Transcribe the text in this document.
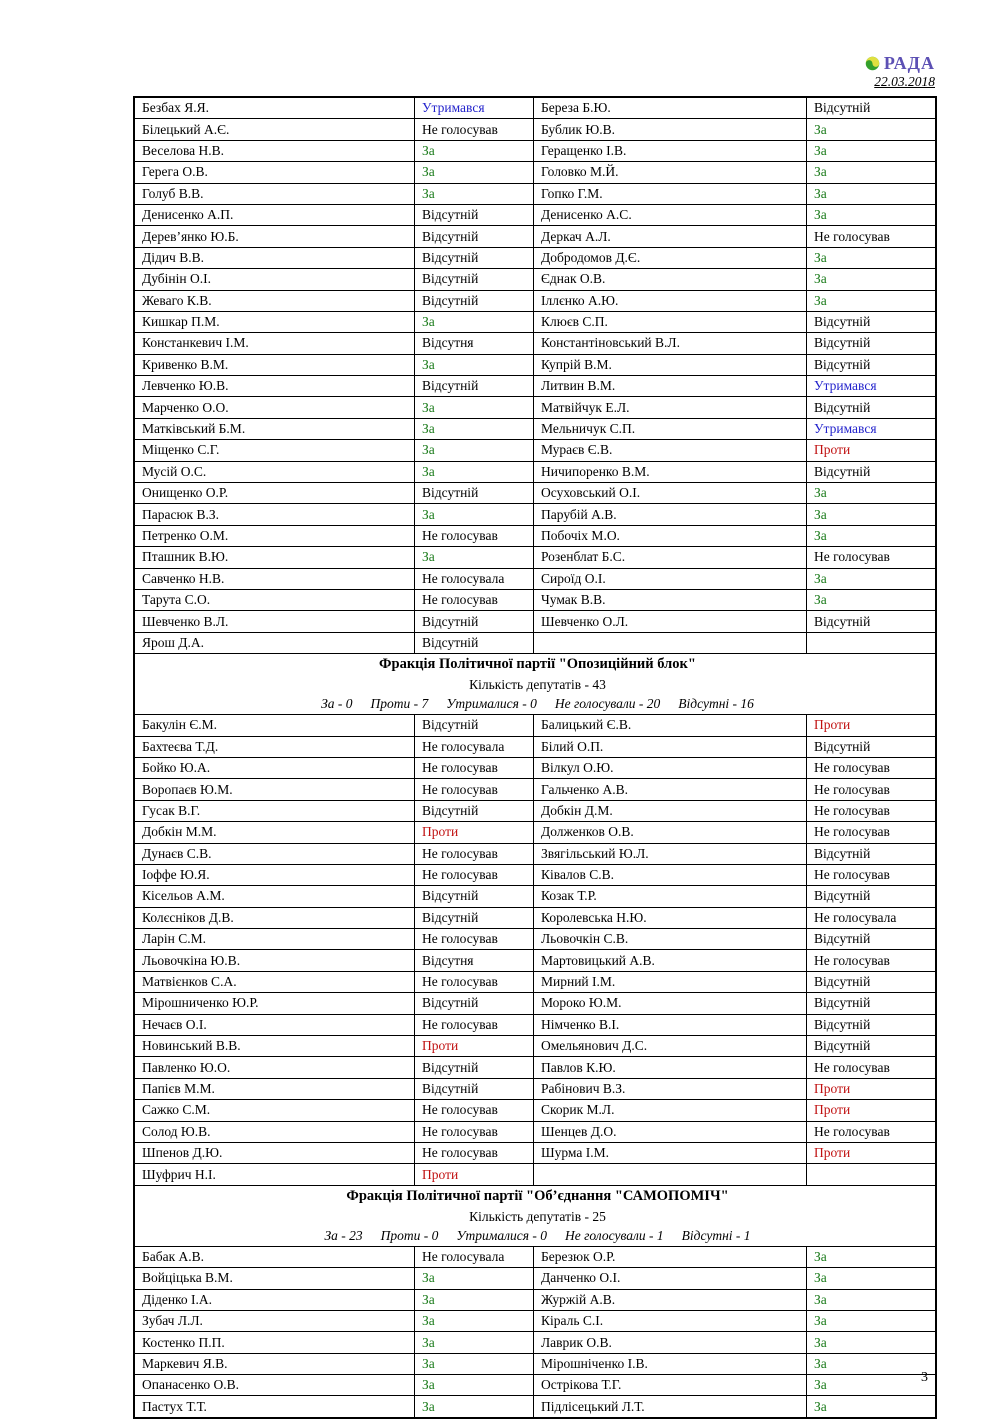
РАДА
22.03.2018
Безбах Я.Я.	Утримався	Береза Б.Ю.	Відсутній
Білецький А.Є.	Не голосував	Бублик Ю.В.	За
Веселова Н.В.	За	Геращенко І.В.	За
Герега О.В.	За	Головко М.Й.	За
Голуб В.В.	За	Гопко Г.М.	За
Денисенко А.П.	Відсутній	Денисенко А.С.	За
Дерев’янко Ю.Б.	Відсутній	Деркач А.Л.	Не голосував
Дідич В.В.	Відсутній	Добродомов Д.Є.	За
Дубінін О.І.	Відсутній	Єднак О.В.	За
Жеваго К.В.	Відсутній	Іллєнко А.Ю.	За
Кишкар П.М.	За	Клюєв С.П.	Відсутній
Констанкевич І.М.	Відсутня	Константіновський В.Л.	Відсутній
Кривенко В.М.	За	Купрій В.М.	Відсутній
Левченко Ю.В.	Відсутній	Литвин В.М.	Утримався
Марченко О.О.	За	Матвійчук Е.Л.	Відсутній
Матківський Б.М.	За	Мельничук С.П.	Утримався
Міщенко С.Г.	За	Мураєв Є.В.	Проти
Мусій О.С.	За	Ничипоренко В.М.	Відсутній
Онищенко О.Р.	Відсутній	Осуховський О.І.	За
Парасюк В.З.	За	Парубій А.В.	За
Петренко О.М.	Не голосував	Побочіх М.О.	За
Пташник В.Ю.	За	Розенблат Б.С.	Не голосував
Савченко Н.В.	Не голосувала	Сироїд О.І.	За
Тарута С.О.	Не голосував	Чумак В.В.	За
Шевченко В.Л.	Відсутній	Шевченко О.Л.	Відсутній
Ярош Д.А.	Відсутній		

Фракція Політичної партії "Опозиційний блок"
Кількість депутатів - 43
За - 0 Проти - 7 Утрималися - 0 Не голосували - 20 Відсутні - 16			

Бакулін Є.М.	Відсутній	Балицький Є.В.	Проти
Бахтеєва Т.Д.	Не голосувала	Білий О.П.	Відсутній
Бойко Ю.А.	Не голосував	Вілкул О.Ю.	Не голосував
Воропаєв Ю.М.	Не голосував	Гальченко А.В.	Не голосував
Гусак В.Г.	Відсутній	Добкін Д.М.	Не голосував
Добкін М.М.	Проти	Долженков О.В.	Не голосував
Дунаєв С.В.	Не голосував	Звягільський Ю.Л.	Відсутній
Іоффе Ю.Я.	Не голосував	Ківалов С.В.	Не голосував
Кісельов А.М.	Відсутній	Козак Т.Р.	Відсутній
Колєсніков Д.В.	Відсутній	Королевська Н.Ю.	Не голосувала
Ларін С.М.	Не голосував	Льовочкін С.В.	Відсутній
Льовочкіна Ю.В.	Відсутня	Мартовицький А.В.	Не голосував
Матвієнков С.А.	Не голосував	Мирний І.М.	Відсутній
Мірошниченко Ю.Р.	Відсутній	Мороко Ю.М.	Відсутній
Нечаєв О.І.	Не голосував	Німченко В.І.	Відсутній
Новинський В.В.	Проти	Омельянович Д.С.	Відсутній
Павленко Ю.О.	Відсутній	Павлов К.Ю.	Не голосував
Папієв М.М.	Відсутній	Рабінович В.З.	Проти
Сажко С.М.	Не голосував	Скорик М.Л.	Проти
Солод Ю.В.	Не голосував	Шенцев Д.О.	Не голосував
Шпенов Д.Ю.	Не голосував	Шурма І.М.	Проти
Шуфрич Н.І.	Проти		

Фракція Політичної партії "Об’єднання "САМОПОМІЧ"
Кількість депутатів - 25
За - 23 Проти - 0 Утрималися - 0 Не голосували - 1 Відсутні - 1			

Бабак А.В.	Не голосувала	Березюк О.Р.	За
Войціцька В.М.	За	Данченко О.І.	За
Діденко І.А.	За	Журжій А.В.	За
Зубач Л.Л.	За	Кіраль С.І.	За
Костенко П.П.	За	Лаврик О.В.	За
Маркевич Я.В.	За	Мірошніченко І.В.	За
Опанасенко О.В.	За	Острікова Т.Г.	За
Пастух Т.Т.	За	Підлісецький Л.Т.	За
3
